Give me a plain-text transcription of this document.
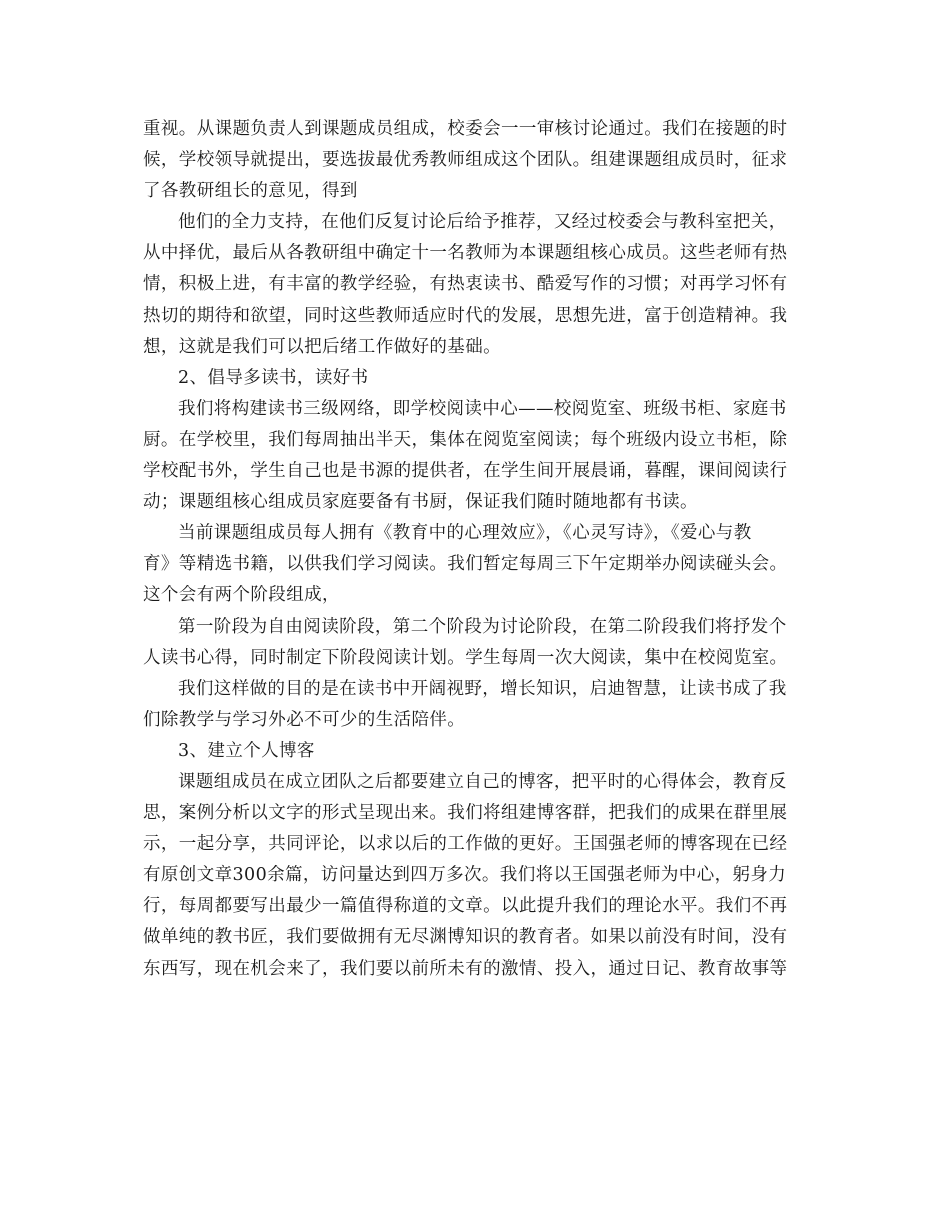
重视。从课题负责人到课题成员组成，校委会一一审核讨论通过。我们在接题的时
候，学校领导就提出，要选拔最优秀教师组成这个团队。组建课题组成员时，征求
了各教研组长的意见，得到
他们的全力支持，在他们反复讨论后给予推荐，又经过校委会与教科室把关，
从中择优，最后从各教研组中确定十一名教师为本课题组核心成员。这些老师有热
情，积极上进，有丰富的教学经验，有热衷读书、酷爱写作的习惯；对再学习怀有
热切的期待和欲望，同时这些教师适应时代的发展，思想先进，富于创造精神。我
想，这就是我们可以把后绪工作做好的基础。
2、倡导多读书，读好书
我们将构建读书三级网络，即学校阅读中心——校阅览室、班级书柜、家庭书
厨。在学校里，我们每周抽出半天，集体在阅览室阅读；每个班级内设立书柜，除
学校配书外，学生自己也是书源的提供者，在学生间开展晨诵，暮醒，课间阅读行
动；课题组核心组成员家庭要备有书厨，保证我们随时随地都有书读。
当前课题组成员每人拥有《教育中的心理效应》，《心灵写诗》，《爱心与教
育》等精选书籍，以供我们学习阅读。我们暂定每周三下午定期举办阅读碰头会。
这个会有两个阶段组成，
第一阶段为自由阅读阶段，第二个阶段为讨论阶段，在第二阶段我们将抒发个
人读书心得，同时制定下阶段阅读计划。学生每周一次大阅读，集中在校阅览室。
我们这样做的目的是在读书中开阔视野，增长知识，启迪智慧，让读书成了我
们除教学与学习外必不可少的生活陪伴。
3、建立个人博客
课题组成员在成立团队之后都要建立自己的博客，把平时的心得体会，教育反
思，案例分析以文字的形式呈现出来。我们将组建博客群，把我们的成果在群里展
示，一起分享，共同评论，以求以后的工作做的更好。王国强老师的博客现在已经
有原创文章300余篇，访问量达到四万多次。我们将以王国强老师为中心，躬身力
行，每周都要写出最少一篇值得称道的文章。以此提升我们的理论水平。我们不再
做单纯的教书匠，我们要做拥有无尽渊博知识的教育者。如果以前没有时间，没有
东西写，现在机会来了，我们要以前所未有的激情、投入，通过日记、教育故事等
